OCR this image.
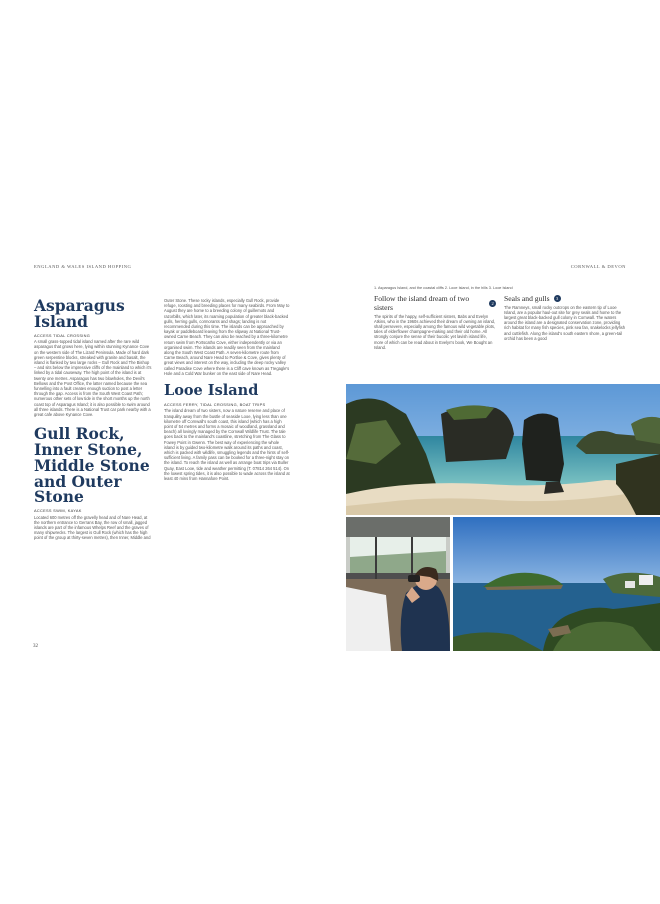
ENGLAND & WALES ISLAND HOPPING	CORNWALL & DEVON
Asparagus Island
ACCESS TIDAL CROSSING

A small grass-topped tidal island named after the rare wild asparagus that grows here, lying within stunning Kynance Cove on the western side of The Lizard Peninsula. Made of hard dark green serpentine blocks, streaked with granite and basalt, the island is flanked by two large rocks – Gull Rock and The Bishop – and sits below the impressive cliffs of the mainland to which it's linked by a tidal causeway. The high point of the island is at twenty one metres. Asparagus has two blowholes, the Devil's Bellows and the Post Office, the latter named because the sea funnelling into a fault creates enough suction to post a letter through the gap. Access is from the South West Coast Path; numerous other sets of low tide in the short months up the north coast top of Asparagus Island; it is also possible to swim around all three islands. There is a National Trust car park nearby with a great cafe above Kynance Cove.

Gull Rock, Inner Stone, Middle Stone and Outer Stone
ACCESS SWIM, KAYAK

Located 600 metres off the gravelly head and of Nare Head, at the northern entrance to Gerrans Bay, the row of small, jagged islands are part of the infamous Whelps Reef and the graves of many shipwrecks. The largest is Gull Rock (which has the high point of the group at thirty-seven metres), then Inner, Middle and

Outer Stone. These rocky islands, especially Gull Rock, provide refuge, roosting and breeding places for many seabirds. From May to August they are home to a breeding colony of guillemots and razorbills, which later, its roaming population of greater black-backed gulls, herring gulls, cormorants and shags; landing is not recommended during this time. The islands can be approached by kayak or paddleboard leaving from the slipway at National Trust-owned Carne Beach. They can also be reached by a three-kilometre return swim from Portscatho Cove, either independently or via an organised swim. The islands are readily seen from the mainland along the South West Coast Path. A seven-kilometre route from Carne Beach, around Nare Head to Portloe & Cove, gives plenty of great views and interest on the way, including the deep rocky valley called Paradise Cove where there is a Cliff cave known as Tregagle's Hole and a Cold War bunker on the east side of Nare Head.

Looe Island
ACCESS FERRY, TIDAL CROSSING, BOAT TRIPS

The island dream of two sisters, now a nature reserve and place of tranquility away from the bustle of seaside Looe, lying less than one kilometre off Cornwall's south coast, this island (which has a high point of 54 metres and forms a mosaic of woodland, grassland and beach) all lovingly managed by the Cornwall Wildlife Trust. The tale goes back to the mainland's coastline, stretching from The Glass to Fowey Point in Gwenn. The best way of experiencing the whole island is by guided two-kilometre walk around its paths and coast, which is packed with wildlife, smuggling legends and the hints of self-sufficient living. A family pass can be booked for a three-night stay on the island. To reach the island as well as arrange boat trips via Buller Quay, East Looe, tide and weather permitting (T. 07814 264 514). On the lowest spring tides, it is also possible to wade across the island at least 40 mins from Hannafore Point.

32
1. Asparagus Island, and the coastal cliffs 2. Looe Island, in the hills 3. Looe Island
Follow the island dream of two sisters	2

The spirits of the happy, self-sufficient sisters, Babs and Evelyn Atkins, who in the 1960s achieved their dream of owning an island, shall persevere, especially among the famous wild vegetable plots, tales of elderflower champagne-making and their old home. All strongly conjure the sense of their bucolic yet lavish island life, more of which can be read about in Evelyn's book, We Bought an Island.

Seals and gulls	3

The Ramneys, small rocky outcrops on the eastern tip of Looe Island, are a popular haul-out site for grey seals and home to the largest great black-backed gull colony in Cornwall. The waters around the island are a designated conservation zone, providing rich habitat for many fish species, pink sea fan, snakelocks jellyfish and cuttlefish. Along the island's south eastern shore, a green-tail orchid has been a good
